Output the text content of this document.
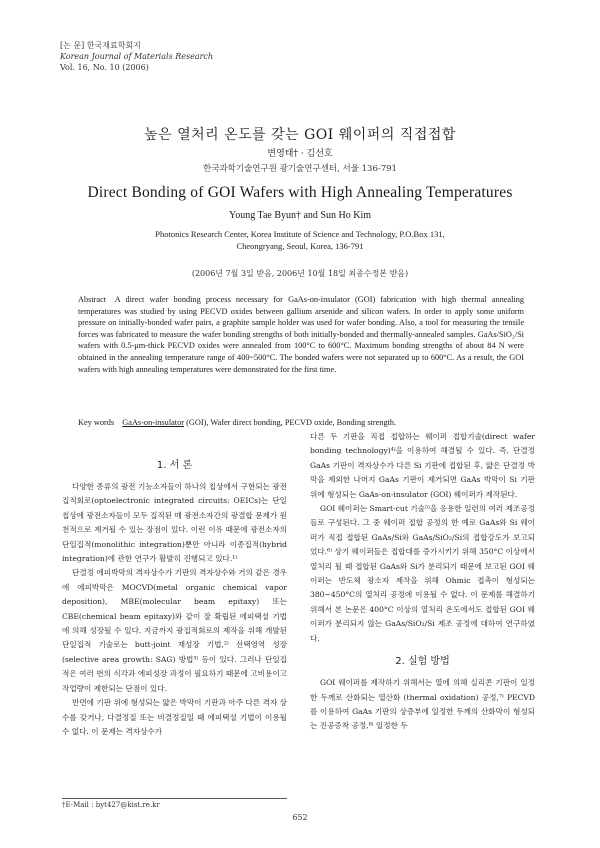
[논 문] 한국재료학회지
Korean Journal of Materials Research
Vol. 16, No. 10 (2006)
높은 열처리 온도를 갖는 GOI 웨이퍼의 직접접합
변영태† · 김선호
한국과학기술연구원 광기술연구센터, 서울 136-791
Direct Bonding of GOI Wafers with High Annealing Temperatures
Young Tae Byun† and Sun Ho Kim
Photonics Research Center, Korea Institute of Science and Technology, P.O.Box 131,
Cheongryang, Seoul, Korea, 136-791
(2006년 7월 3일 받음, 2006년 10월 18일 최종수정본 받음)
Abstract A direct wafer bonding process necessary for GaAs-on-insulator (GOI) fabrication with high thermal annealing temperatures was studied by using PECVD oxides between gallium arsenide and silicon wafers. In order to apply some uniform pressure on initially-bonded wafer pairs, a graphite sample holder was used for wafer bonding. Also, a tool for measuring the tensile forces was fabricated to measure the wafer bonding strengths of both initially-bonded and thermally-annealed samples. GaAs/SiO₂/Si wafers with 0.5-μm-thick PECVD oxides were annealed from 100°C to 600°C. Maximum bonding strengths of about 84 N were obtained in the annealing temperature range of 400~500°C. The bonded wafers were not separated up to 600°C. As a result, the GOI wafers with high annealing temperatures were demonstrated for the first time.
Key words GaAs-on-insulator (GOI), Wafer direct bonding, PECVD oxide, Bonding strength.
1. 서 론

다양한 종류의 광전 기능소자들이 하나의 칩상에서 구현되는 광전 집적회로(optoelectronic integrated circuits: OEICs)는 단일 칩상에 광전소자들이 모두 집적된 매 광전소자간의 광결합 문제가 원천적으로 제거될 수 있는 장점이 있다. 이런 이유 때문에 광전소자의 단일집적(monolithic integration)뿐만 아니라 이종집적(hybrid integration)에 관한 연구가 활발히 진행되고 있다.¹⁾

단결정 에피박막의 격자상수가 기판의 격자상수와 거의 같은 경우에 에피박막은 MOCVD(metal organic chemical vapor deposition), MBE(molecular beam epitaxy) 또는 CBE(chemical beam epitaxy)와 같이 잘 확립된 에피택셜 기법에 의해 성장될 수 있다. 지금까지 광집적회로의 제작을 위해 개발된 단일집적 기술로는 butt-joint 재성장 기법,²⁾ 선택영역 성장(selective area growth: SAG) 방법³⁾ 등이 있다. 그러나 단일집적은 여러 번의 식각과 에피성장 과정이 필요하기 때문에 고비용이고 작업량이 제한되는 단점이 있다.

반면에 기판 위에 형성되는 얇은 박막이 기판과 아주 다른 격자 상수를 갖거나, 다결정질 또는 비결정질일 때 에피택셜 기법이 이용될 수 없다. 이 문제는 격자상수가

다른 두 기판을 직접 접합하는 웨이퍼 접합기술(direct wafer bonding technology)⁴⁾을 이용하여 해결될 수 있다. 즉, 단결정 GaAs 기판이 격자상수가 다른 Si 기판에 접합된 후, 얇은 단결정 박막을 제외한 나머지 GaAs 기판이 제거되면 GaAs 박막이 Si 기판 위에 형성되는 GaAs-on-insulator (GOI) 웨이퍼가 제작된다.

GOI 웨이퍼는 Smart-cut 기술⁵⁾을 응용한 일련의 여러 제조공정들로 구성된다. 그 중 웨이퍼 접합 공정의 한 예로 GaAs와 Si 웨이퍼가 직접 접합된 GaAs/Si와 GaAs/SiO₂/Si의 접합강도가 보고되었다.⁶⁾ 상기 웨이퍼들은 접합대를 증가시키기 위해 350°C 이상에서 열처리 될 때 접합된 GaAs와 Si가 분리되기 때문에 보고된 GOI 웨이퍼는 반도체 광소자 제작을 위해 Ohmic 접촉이 형성되는 380~450°C의 열처리 공정에 이용될 수 없다. 이 문제를 해결하기 위해서 본 논문은 400°C 이상의 열처리 온도에서도 접합된 GOI 웨이퍼가 분리되지 않는 GaAs/SiO₂/Si 제조 공정에 대하여 연구하였다.

2. 실험 방법

GOI 웨이퍼를 제작하기 위해서는 열에 의해 실리콘 기판이 일정한 두께로 산화되는 열산화 (thermal oxidation) 공정,⁷⁾ PECVD를 이용하여 GaAs 기판의 상층부에 일정한 두께의 산화막이 형성되는 진공증착 공정,⁸⁾ 일정한 두

†E-Mail : byt427@kist.re.kr
652
